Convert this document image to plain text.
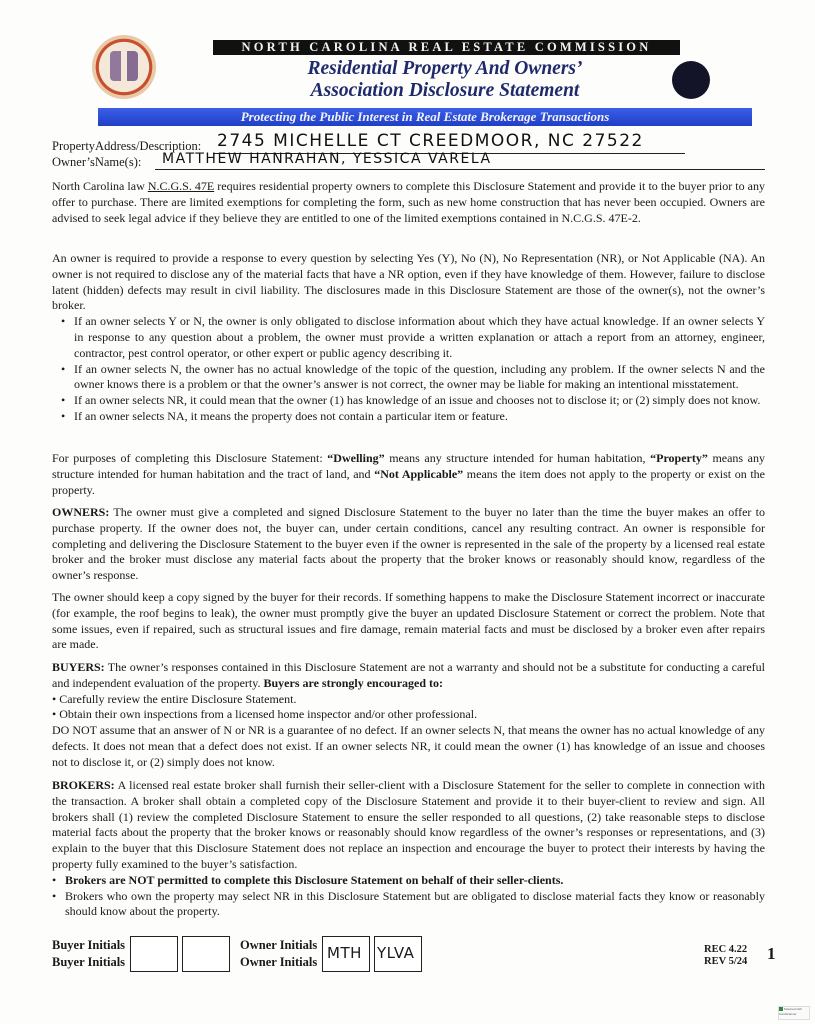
NORTH CAROLINA REAL ESTATE COMMISSION
Residential Property And Owners’
Association Disclosure Statement
Protecting the Public Interest in Real Estate Brokerage Transactions
PropertyAddress/Description: 2745 MICHELLE CT CREEDMOOR, NC 27522
Owner’sName(s): MATTHEW HANRAHAN, YESSICA VARELA

North Carolina law N.C.G.S. 47E requires residential property owners to complete this Disclosure Statement and provide it to the buyer prior to any offer to purchase. There are limited exemptions for completing the form, such as new home construction that has never been occupied. Owners are advised to seek legal advice if they believe they are entitled to one of the limited exemptions contained in N.C.G.S. 47E-2.

An owner is required to provide a response to every question by selecting Yes (Y), No (N), No Representation (NR), or Not Applicable (NA). An owner is not required to disclose any of the material facts that have a NR option, even if they have knowledge of them. However, failure to disclose latent (hidden) defects may result in civil liability. The disclosures made in this Disclosure Statement are those of the owner(s), not the owner’s broker.

• If an owner selects Y or N, the owner is only obligated to disclose information about which they have actual knowledge. If an owner selects Y in response to any question about a problem, the owner must provide a written explanation or attach a report from an attorney, engineer, contractor, pest control operator, or other expert or public agency describing it.
• If an owner selects N, the owner has no actual knowledge of the topic of the question, including any problem. If the owner selects N and the owner knows there is a problem or that the owner’s answer is not correct, the owner may be liable for making an intentional misstatement.
• If an owner selects NR, it could mean that the owner (1) has knowledge of an issue and chooses not to disclose it; or (2) simply does not know.
• If an owner selects NA, it means the property does not contain a particular item or feature.

For purposes of completing this Disclosure Statement: “Dwelling” means any structure intended for human habitation, “Property” means any structure intended for human habitation and the tract of land, and “Not Applicable” means the item does not apply to the property or exist on the property.

OWNERS: The owner must give a completed and signed Disclosure Statement to the buyer no later than the time the buyer makes an offer to purchase property. If the owner does not, the buyer can, under certain conditions, cancel any resulting contract. An owner is responsible for completing and delivering the Disclosure Statement to the buyer even if the owner is represented in the sale of the property by a licensed real estate broker and the broker must disclose any material facts about the property that the broker knows or reasonably should know, regardless of the owner’s response.

The owner should keep a copy signed by the buyer for their records. If something happens to make the Disclosure Statement incorrect or inaccurate (for example, the roof begins to leak), the owner must promptly give the buyer an updated Disclosure Statement or correct the problem. Note that some issues, even if repaired, such as structural issues and fire damage, remain material facts and must be disclosed by a broker even after repairs are made.

BUYERS: The owner’s responses contained in this Disclosure Statement are not a warranty and should not be a substitute for conducting a careful and independent evaluation of the property. Buyers are strongly encouraged to:

• Carefully review the entire Disclosure Statement.
• Obtain their own inspections from a licensed home inspector and/or other professional.

DO NOT assume that an answer of N or NR is a guarantee of no defect. If an owner selects N, that means the owner has no actual knowledge of any defects. It does not mean that a defect does not exist. If an owner selects NR, it could mean the owner (1) has knowledge of an issue and chooses not to disclose it, or (2) simply does not know.

BROKERS: A licensed real estate broker shall furnish their seller-client with a Disclosure Statement for the seller to complete in connection with the transaction. A broker shall obtain a completed copy of the Disclosure Statement and provide it to their buyer-client to review and sign. All brokers shall (1) review the completed Disclosure Statement to ensure the seller responded to all questions, (2) take reasonable steps to disclose material facts about the property that the broker knows or reasonably should know regardless of the owner’s responses or representations, and (3) explain to the buyer that this Disclosure Statement does not replace an inspection and encourage the buyer to protect their interests by having the property fully examined to the buyer’s satisfaction.

• Brokers are NOT permitted to complete this Disclosure Statement on behalf of their seller-clients.
• Brokers who own the property may select NR in this Disclosure Statement but are obligated to disclose material facts they know or reasonably should know about the property.
Buyer Initials
Buyer Initials
Owner Initials
Owner Initials MTH YLVA	REC 4.22
REV 5/24 1
Scanned with CamScanner
